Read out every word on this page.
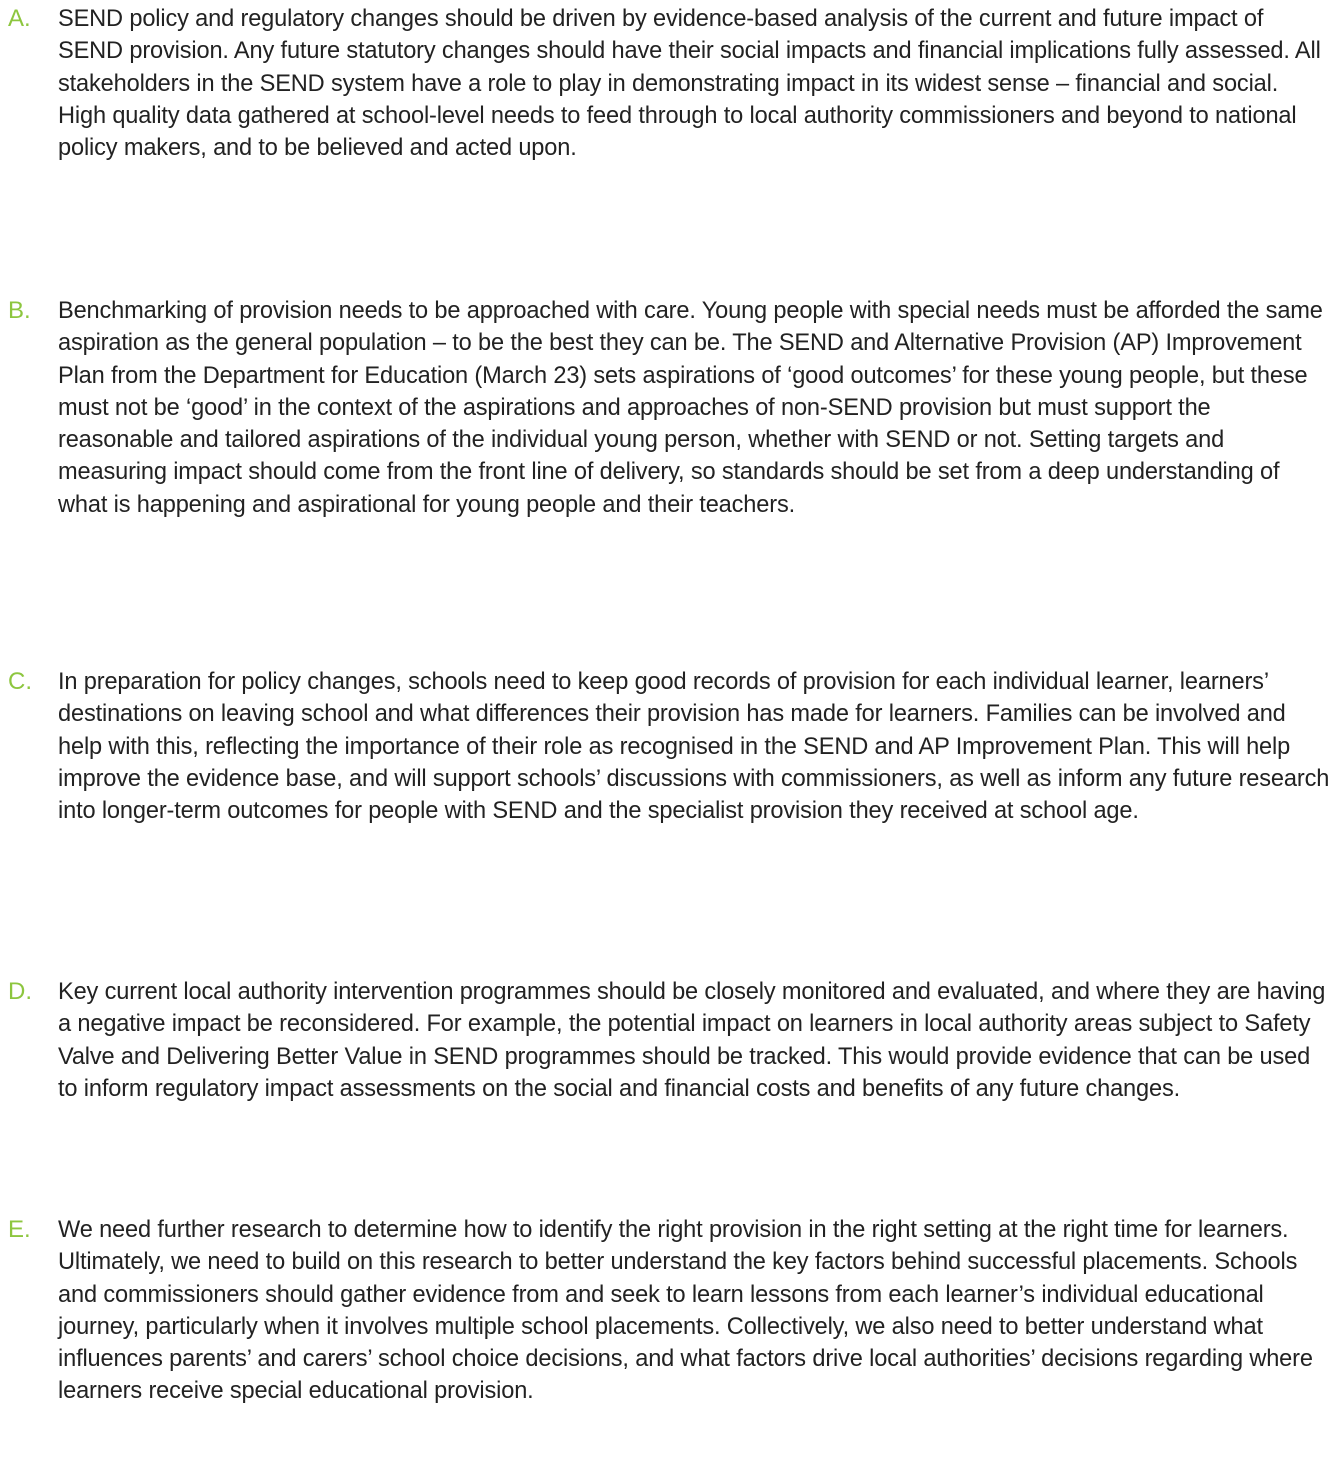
A.	SEND policy and regulatory changes should be driven by evidence-based analysis of the current and future impact of SEND provision. Any future statutory changes should have their social impacts and financial implications fully assessed. All stakeholders in the SEND system have a role to play in demonstrating impact in its widest sense – financial and social. High quality data gathered at school-level needs to feed through to local authority commissioners and beyond to national policy makers, and to be believed and acted upon.
B.	Benchmarking of provision needs to be approached with care. Young people with special needs must be afforded the same aspiration as the general population – to be the best they can be. The SEND and Alternative Provision (AP) Improvement Plan from the Department for Education (March 23) sets aspirations of ‘good outcomes’ for these young people, but these must not be ‘good’ in the context of the aspirations and approaches of non-SEND provision but must support the reasonable and tailored aspirations of the individual young person, whether with SEND or not. Setting targets and measuring impact should come from the front line of delivery, so standards should be set from a deep understanding of what is happening and aspirational for young people and their teachers.
C.	In preparation for policy changes, schools need to keep good records of provision for each individual learner, learners’ destinations on leaving school and what differences their provision has made for learners. Families can be involved and help with this, reflecting the importance of their role as recognised in the SEND and AP Improvement Plan. This will help improve the evidence base, and will support schools’ discussions with commissioners, as well as inform any future research into longer-term outcomes for people with SEND and the specialist provision they received at school age.
D.	Key current local authority intervention programmes should be closely monitored and evaluated, and where they are having a negative impact be reconsidered. For example, the potential impact on learners in local authority areas subject to Safety Valve and Delivering Better Value in SEND programmes should be tracked. This would provide evidence that can be used to inform regulatory impact assessments on the social and financial costs and benefits of any future changes.
E.	We need further research to determine how to identify the right provision in the right setting at the right time for learners. Ultimately, we need to build on this research to better understand the key factors behind successful placements. Schools and commissioners should gather evidence from and seek to learn lessons from each learner’s individual educational journey, particularly when it involves multiple school placements. Collectively, we also need to better understand what influences parents’ and carers’ school choice decisions, and what factors drive local authorities’ decisions regarding where learners receive special educational provision.
